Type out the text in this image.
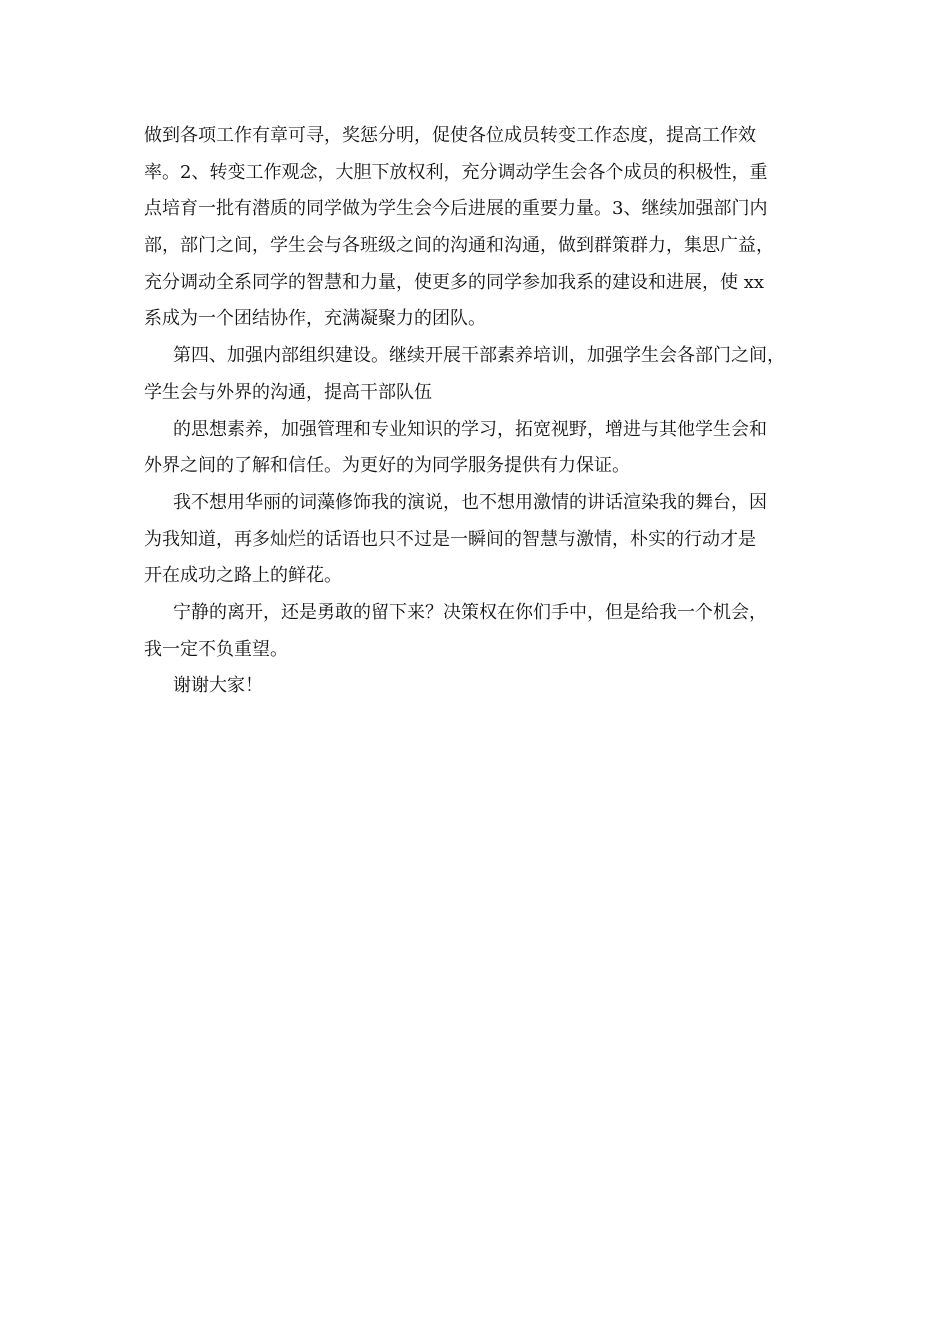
做到各项工作有章可寻，奖惩分明，促使各位成员转变工作态度，提高工作效
率。2、转变工作观念，大胆下放权利，充分调动学生会各个成员的积极性，重
点培育一批有潜质的同学做为学生会今后进展的重要力量。3、继续加强部门内
部，部门之间，学生会与各班级之间的沟通和沟通，做到群策群力，集思广益，
充分调动全系同学的智慧和力量，使更多的同学参加我系的建设和进展，使 xx
系成为一个团结协作，充满凝聚力的团队。
第四、加强内部组织建设。继续开展干部素养培训，加强学生会各部门之间，
学生会与外界的沟通，提高干部队伍
的思想素养，加强管理和专业知识的学习，拓宽视野，增进与其他学生会和
外界之间的了解和信任。为更好的为同学服务提供有力保证。
我不想用华丽的词藻修饰我的演说，也不想用激情的讲话渲染我的舞台，因
为我知道，再多灿烂的话语也只不过是一瞬间的智慧与激情，朴实的行动才是
开在成功之路上的鲜花。
宁静的离开，还是勇敢的留下来？决策权在你们手中，但是给我一个机会，
我一定不负重望。
谢谢大家！
